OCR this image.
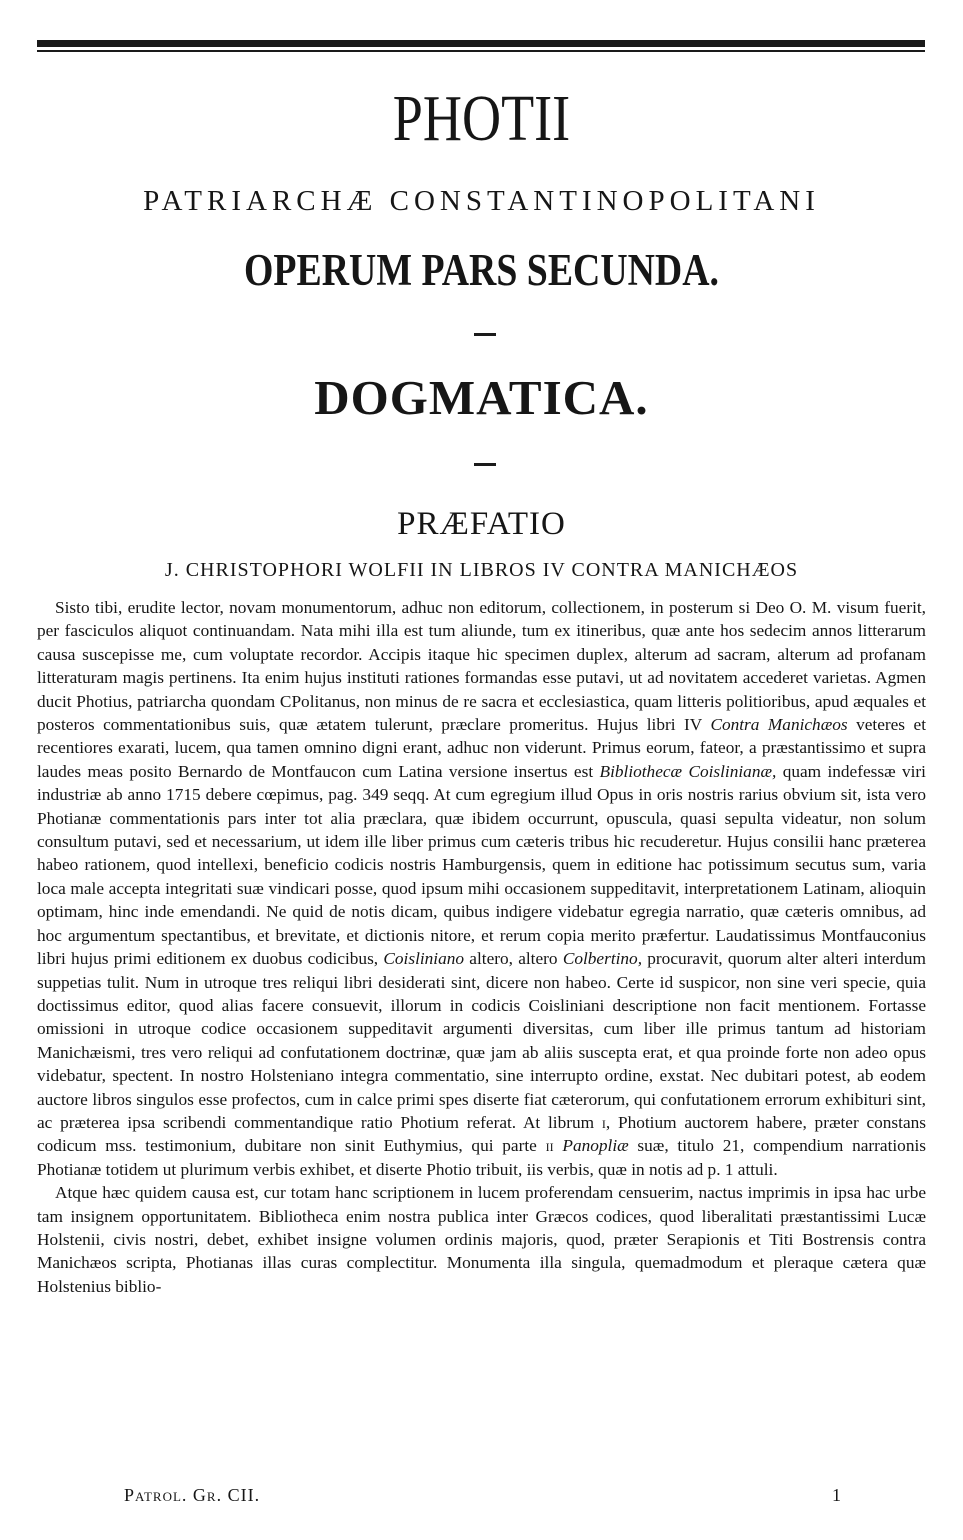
PHOTII
PATRIARCHÆ CONSTANTINOPOLITANI
OPERUM PARS SECUNDA.
DOGMATICA.
PRÆFATIO
J. CHRISTOPHORI WOLFII IN LIBROS IV CONTRA MANICHÆOS

Sisto tibi, erudite lector, novam monumentorum, adhuc non editorum, collectionem, in posterum si Deo O. M. visum fuerit, per fasciculos aliquot continuandam. Nata mihi illa est tum aliunde, tum ex itineribus, quæ ante hos sedecim annos litterarum causa suscepisse me, cum voluptate recordor. Accipis itaque hic specimen duplex, alterum ad sacram, alterum ad profanam litteraturam magis pertinens. Ita enim hujus instituti rationes formandas esse putavi, ut ad novitatem accederet varietas. Agmen ducit Photius, patriarcha quondam CPolitanus, non minus de re sacra et ecclesiastica, quam litteris politioribus, apud æquales et posteros commentationibus suis, quæ ætatem tulerunt, præclare promeritus. Hujus libri IV Contra Manichæos veteres et recentiores exarati, lucem, qua tamen omnino digni erant, adhuc non viderunt. Primus eorum, fateor, a præstantissimo et supra laudes meas posito Bernardo de Montfaucon cum Latina versione insertus est Bibliothecæ Coislinianæ, quam indefessæ viri industriæ ab anno 1715 debere cœpimus, pag. 349 seqq. At cum egregium illud Opus in oris nostris rarius obvium sit, ista vero Photianæ commentationis pars inter tot alia præclara, quæ ibidem occurrunt, opuscula, quasi sepulta videatur, non solum consultum putavi, sed et necessarium, ut idem ille liber primus cum cæteris tribus hic recuderetur. Hujus consilii hanc præterea habeo rationem, quod intellexi, beneficio codicis nostris Hamburgensis, quem in editione hac potissimum secutus sum, varia loca male accepta integritati suæ vindicari posse, quod ipsum mihi occasionem suppeditavit, interpretationem Latinam, alioquin optimam, hinc inde emendandi. Ne quid de notis dicam, quibus indigere videbatur egregia narratio, quæ cæteris omnibus, ad hoc argumentum spectantibus, et brevitate, et dictionis nitore, et rerum copia merito præfertur. Laudatissimus Montfauconius libri hujus primi editionem ex duobus codicibus, Coisliniano altero, altero Colbertino, procuravit, quorum alter alteri interdum suppetias tulit. Num in utroque tres reliqui libri desiderati sint, dicere non habeo. Certe id suspicor, non sine veri specie, quia doctissimus editor, quod alias facere consuevit, illorum in codicis Coisliniani descriptione non facit mentionem. Fortasse omissioni in utroque codice occasionem suppeditavit argumenti diversitas, cum liber ille primus tantum ad historiam Manichæismi, tres vero reliqui ad confutationem doctrinæ, quæ jam ab aliis suscepta erat, et qua proinde forte non adeo opus videbatur, spectent. In nostro Holsteniano integra commentatio, sine interrupto ordine, exstat. Nec dubitari potest, ab eodem auctore libros singulos esse profectos, cum in calce primi spes diserte fiat cæterorum, qui confutationem errorum exhibituri sint, ac præterea ipsa scribendi commentandique ratio Photium referat. At librum i, Photium auctorem habere, præter constans codicum mss. testimonium, dubitare non sinit Euthymius, qui parte ii Panopliæ suæ, titulo 21, compendium narrationis Photianæ totidem ut plurimum verbis exhibet, et diserte Photio tribuit, iis verbis, quæ in notis ad p. 1 attuli.

Atque hæc quidem causa est, cur totam hanc scriptionem in lucem proferendam censuerim, nactus imprimis in ipsa hac urbe tam insignem opportunitatem. Bibliotheca enim nostra publica inter Græcos codices, quod liberalitati præstantissimi Lucæ Holstenii, civis nostri, debet, exhibet insigne volumen ordinis majoris, quod, præter Serapionis et Titi Bostrensis contra Manichæos scripta, Photianas illas curas complectitur. Monumenta illa singula, quemadmodum et pleraque cætera quæ Holstenius biblio-

Patrol. Gr. CII.	1
